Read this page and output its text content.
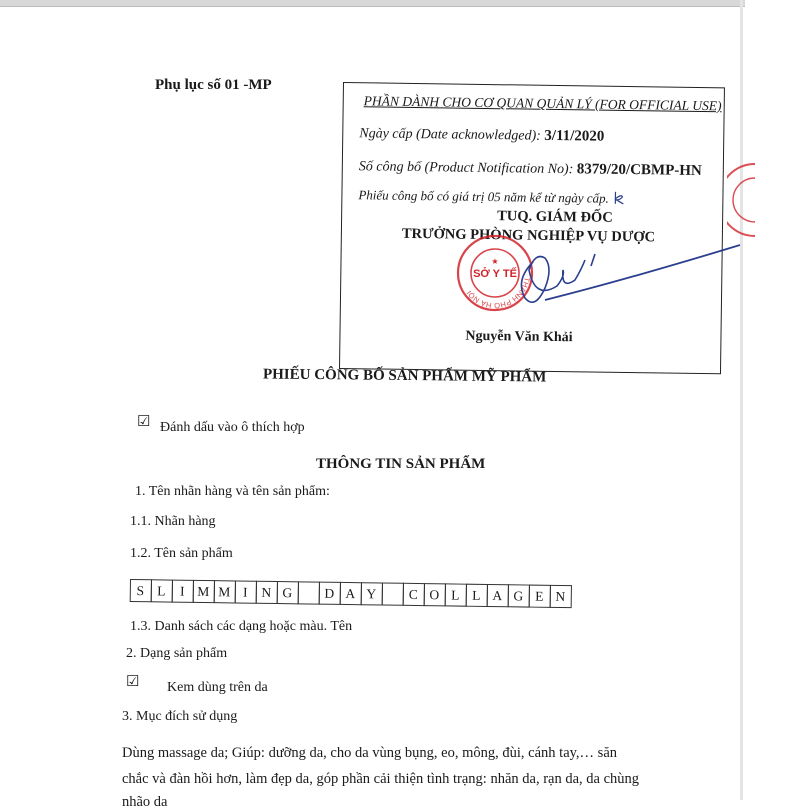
Phụ lục số 01 -MP
PHẦN DÀNH CHO CƠ QUAN QUẢN LÝ (FOR OFFICIAL USE)
Ngày cấp (Date acknowledged): 3/11/2020
Số công bố (Product Notification No): 8379/20/CBMP-HN
Phiếu công bố có giá trị 05 năm kể từ ngày cấp.
TUQ. GIÁM ĐỐC
TRƯỞNG PHÒNG NGHIỆP VỤ DƯỢC
Nguyễn Văn Khải
THÀNH PHỐ HÀ NỘI
SỞ Y TẾ
★
PHIẾU CÔNG BỐ SẢN PHẨM MỸ PHẨM
☑ Đánh dấu vào ô thích hợp
THÔNG TIN SẢN PHẨM
1. Tên nhãn hàng và tên sản phẩm:
1.1. Nhãn hàng
1.2. Tên sản phẩm
S L I M M I N G	D A Y	C O L L A G E N
1.3. Danh sách các dạng hoặc màu. Tên
2. Dạng sản phẩm
☑ Kem dùng trên da
3. Mục đích sử dụng
Dùng massage da; Giúp: dưỡng da, cho da vùng bụng, eo, mông, đùi, cánh tay,… săn
chắc và đàn hồi hơn, làm đẹp da, góp phần cải thiện tình trạng: nhăn da, rạn da, da chùng
nhão da
